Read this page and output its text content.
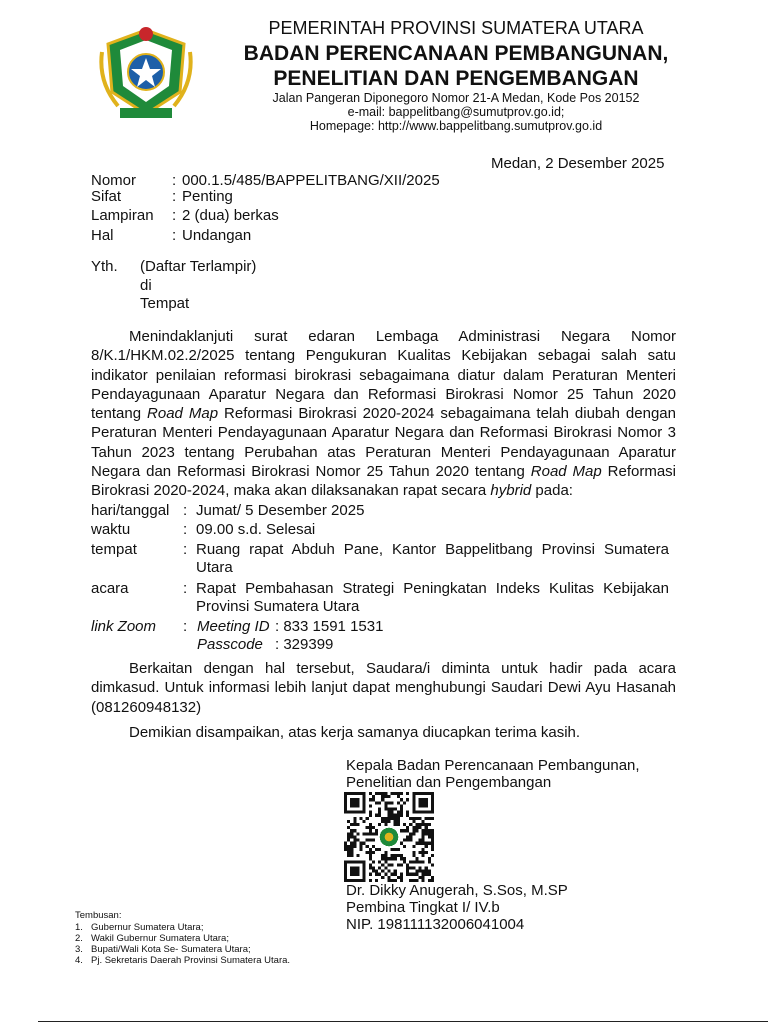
PEMERINTAH PROVINSI SUMATERA UTARA
BADAN PERENCANAAN PEMBANGUNAN,
PENELITIAN DAN PENGEMBANGAN
Jalan Pangeran Diponegoro Nomor 21-A Medan, Kode Pos 20152
e-mail: bappelitbang@sumutprov.go.id;
Homepage: http://www.bappelitbang.sumutprov.go.id
Medan, 2 Desember 2025
Nomor : 000.1.5/485/BAPPELITBANG/XII/2025
Sifat	: Penting
Lampiran : 2 (dua) berkas
Hal	: Undangan
Yth. (Daftar Terlampir)
di
Tempat

Menindaklanjuti surat edaran Lembaga Administrasi Negara Nomor 8/K.1/HKM.02.2/2025 tentang Pengukuran Kualitas Kebijakan sebagai salah satu indikator penilaian reformasi birokrasi sebagaimana diatur dalam Peraturan Menteri Pendayagunaan Aparatur Negara dan Reformasi Birokrasi Nomor 25 Tahun 2020 tentang Road Map Reformasi Birokrasi 2020-2024 sebagaimana telah diubah dengan Peraturan Menteri Pendayagunaan Aparatur Negara dan Reformasi Birokrasi Nomor 3 Tahun 2023 tentang Perubahan atas Peraturan Menteri Pendayagunaan Aparatur Negara dan Reformasi Birokrasi Nomor 25 Tahun 2020 tentang Road Map Reformasi Birokrasi 2020-2024, maka akan dilaksanakan rapat secara hybrid pada:

hari/tanggal : Jumat/ 5 Desember 2025
waktu	: 09.00 s.d. Selesai
tempat	: Ruang rapat Abduh Pane, Kantor Bappelitbang Provinsi Sumatera
Utara
acara	: Rapat Pembahasan Strategi Peningkatan Indeks Kulitas Kebijakan
Provinsi Sumatera Utara
link Zoom : Meeting ID : 833 1591 1531
Passcode : 329399

Berkaitan dengan hal tersebut, Saudara/i diminta untuk hadir pada acara dimkasud. Untuk informasi lebih lanjut dapat menghubungi Saudari Dewi Ayu Hasanah (081260948132)

Demikian disampaikan, atas kerja samanya diucapkan terima kasih.
Kepala Badan Perencanaan Pembangunan,
Penelitian dan Pengembangan
Dr. Dikky Anugerah, S.Sos, M.SP
Pembina Tingkat I/ IV.b
NIP. 198111132006041004
Tembusan:
1. Gubernur Sumatera Utara;
2. Wakil Gubernur Sumatera Utara;
3. Bupati/Wali Kota Se- Sumatera Utara;
4. Pj. Sekretaris Daerah Provinsi Sumatera Utara.
